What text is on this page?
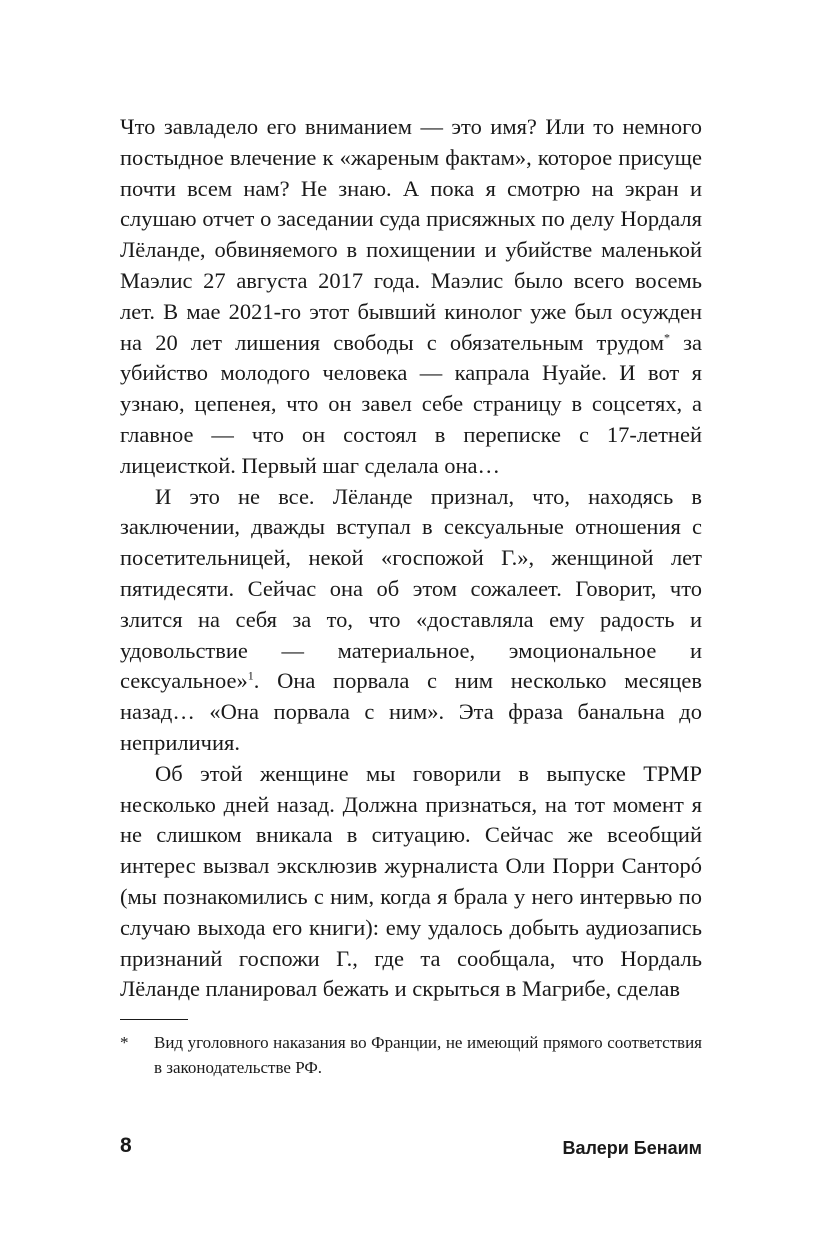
Что завладело его вниманием — это имя? Или то немного постыдное влечение к «жареным фактам», которое присуще почти всем нам? Не знаю. А пока я смотрю на экран и слушаю отчет о заседании суда присяжных по делу Нордаля Лёланде, обвиняемого в похищении и убийстве маленькой Маэлис 27 августа 2017 года. Маэлис было всего восемь лет. В мае 2021-го этот бывший кинолог уже был осужден на 20 лет лишения свободы с обязательным трудом* за убийство молодого человека — капрала Нуайе. И вот я узнаю, цепенея, что он завел себе страницу в соцсетях, а главное — что он состоял в переписке с 17-летней лицеисткой. Первый шаг сделала она…

И это не все. Лёланде признал, что, находясь в заключении, дважды вступал в сексуальные отношения с посетительницей, некой «госпожой Г.», женщиной лет пятидесяти. Сейчас она об этом сожалеет. Говорит, что злится на себя за то, что «доставляла ему радость и удовольствие — материальное, эмоциональное и сексуальное»$^1$. Она порвала с ним несколько месяцев назад… «Она порвала с ним». Эта фраза банальна до неприличия.

Об этой женщине мы говорили в выпуске TPMP несколько дней назад. Должна признаться, на тот момент я не слишком вникала в ситуацию. Сейчас же всеобщий интерес вызвал эксклюзив журналиста Оли Порри Санторó (мы познакомились с ним, когда я брала у него интервью по случаю выхода его книги): ему удалось добыть аудиозапись признаний госпожи Г., где та сообщала, что Нордаль Лёланде планировал бежать и скрыться в Магрибе, сделав

*	Вид уголовного наказания во Франции, не имеющий прямого соответствия в законодательстве РФ.
8	Валери Бенаим
